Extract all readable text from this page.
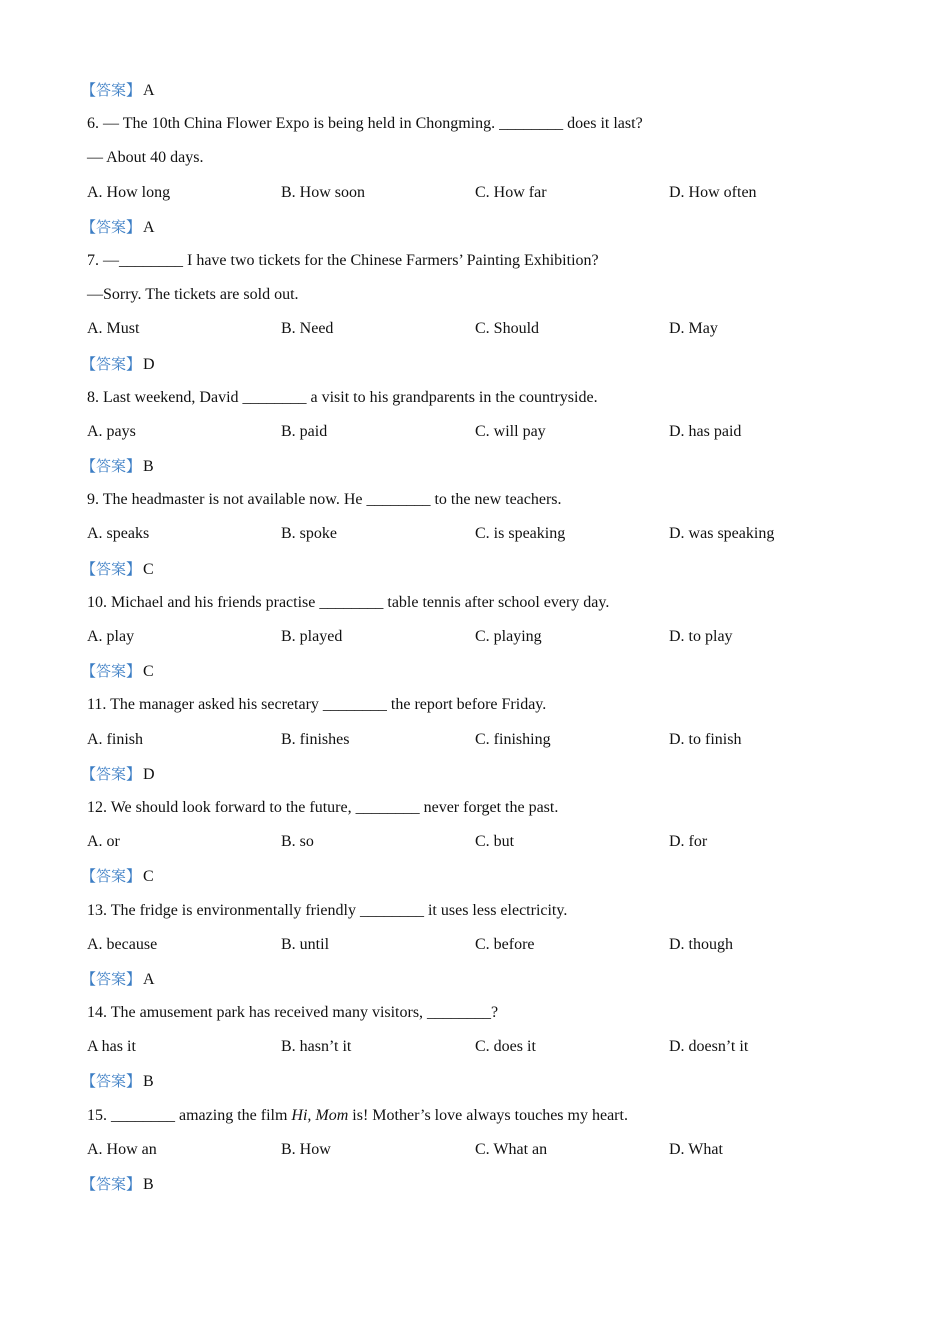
【答案】 A
6. — The 10th China Flower Expo is being held in Chongming. ________ does it last?
— About 40 days.
A. How long	B. How soon	C. How far	D. How often
【答案】 A
7. —________ I have two tickets for the Chinese Farmers’ Painting Exhibition?
—Sorry. The tickets are sold out.
A. Must	B. Need	C. Should	D. May
【答案】 D
8. Last weekend, David ________ a visit to his grandparents in the countryside.
A. pays	B. paid	C. will pay	D. has paid
【答案】 B
9. The headmaster is not available now. He ________ to the new teachers.
A. speaks	B. spoke	C. is speaking	D. was speaking
【答案】 C
10. Michael and his friends practise ________ table tennis after school every day.
A. play	B. played	C. playing	D. to play
【答案】 C
11. The manager asked his secretary ________ the report before Friday.
A. finish	B. finishes	C. finishing	D. to finish
【答案】 D
12. We should look forward to the future, ________ never forget the past.
A. or	B. so	C. but	D. for
【答案】 C
13. The fridge is environmentally friendly ________ it uses less electricity.
A. because	B. until	C. before	D. though
【答案】 A
14. The amusement park has received many visitors, ________?
A has it	B. hasn’t it	C. does it	D. doesn’t it
【答案】 B
15. ________ amazing the film Hi, Mom is! Mother’s love always touches my heart.
A. How an	B. How	C. What an	D. What
【答案】 B
